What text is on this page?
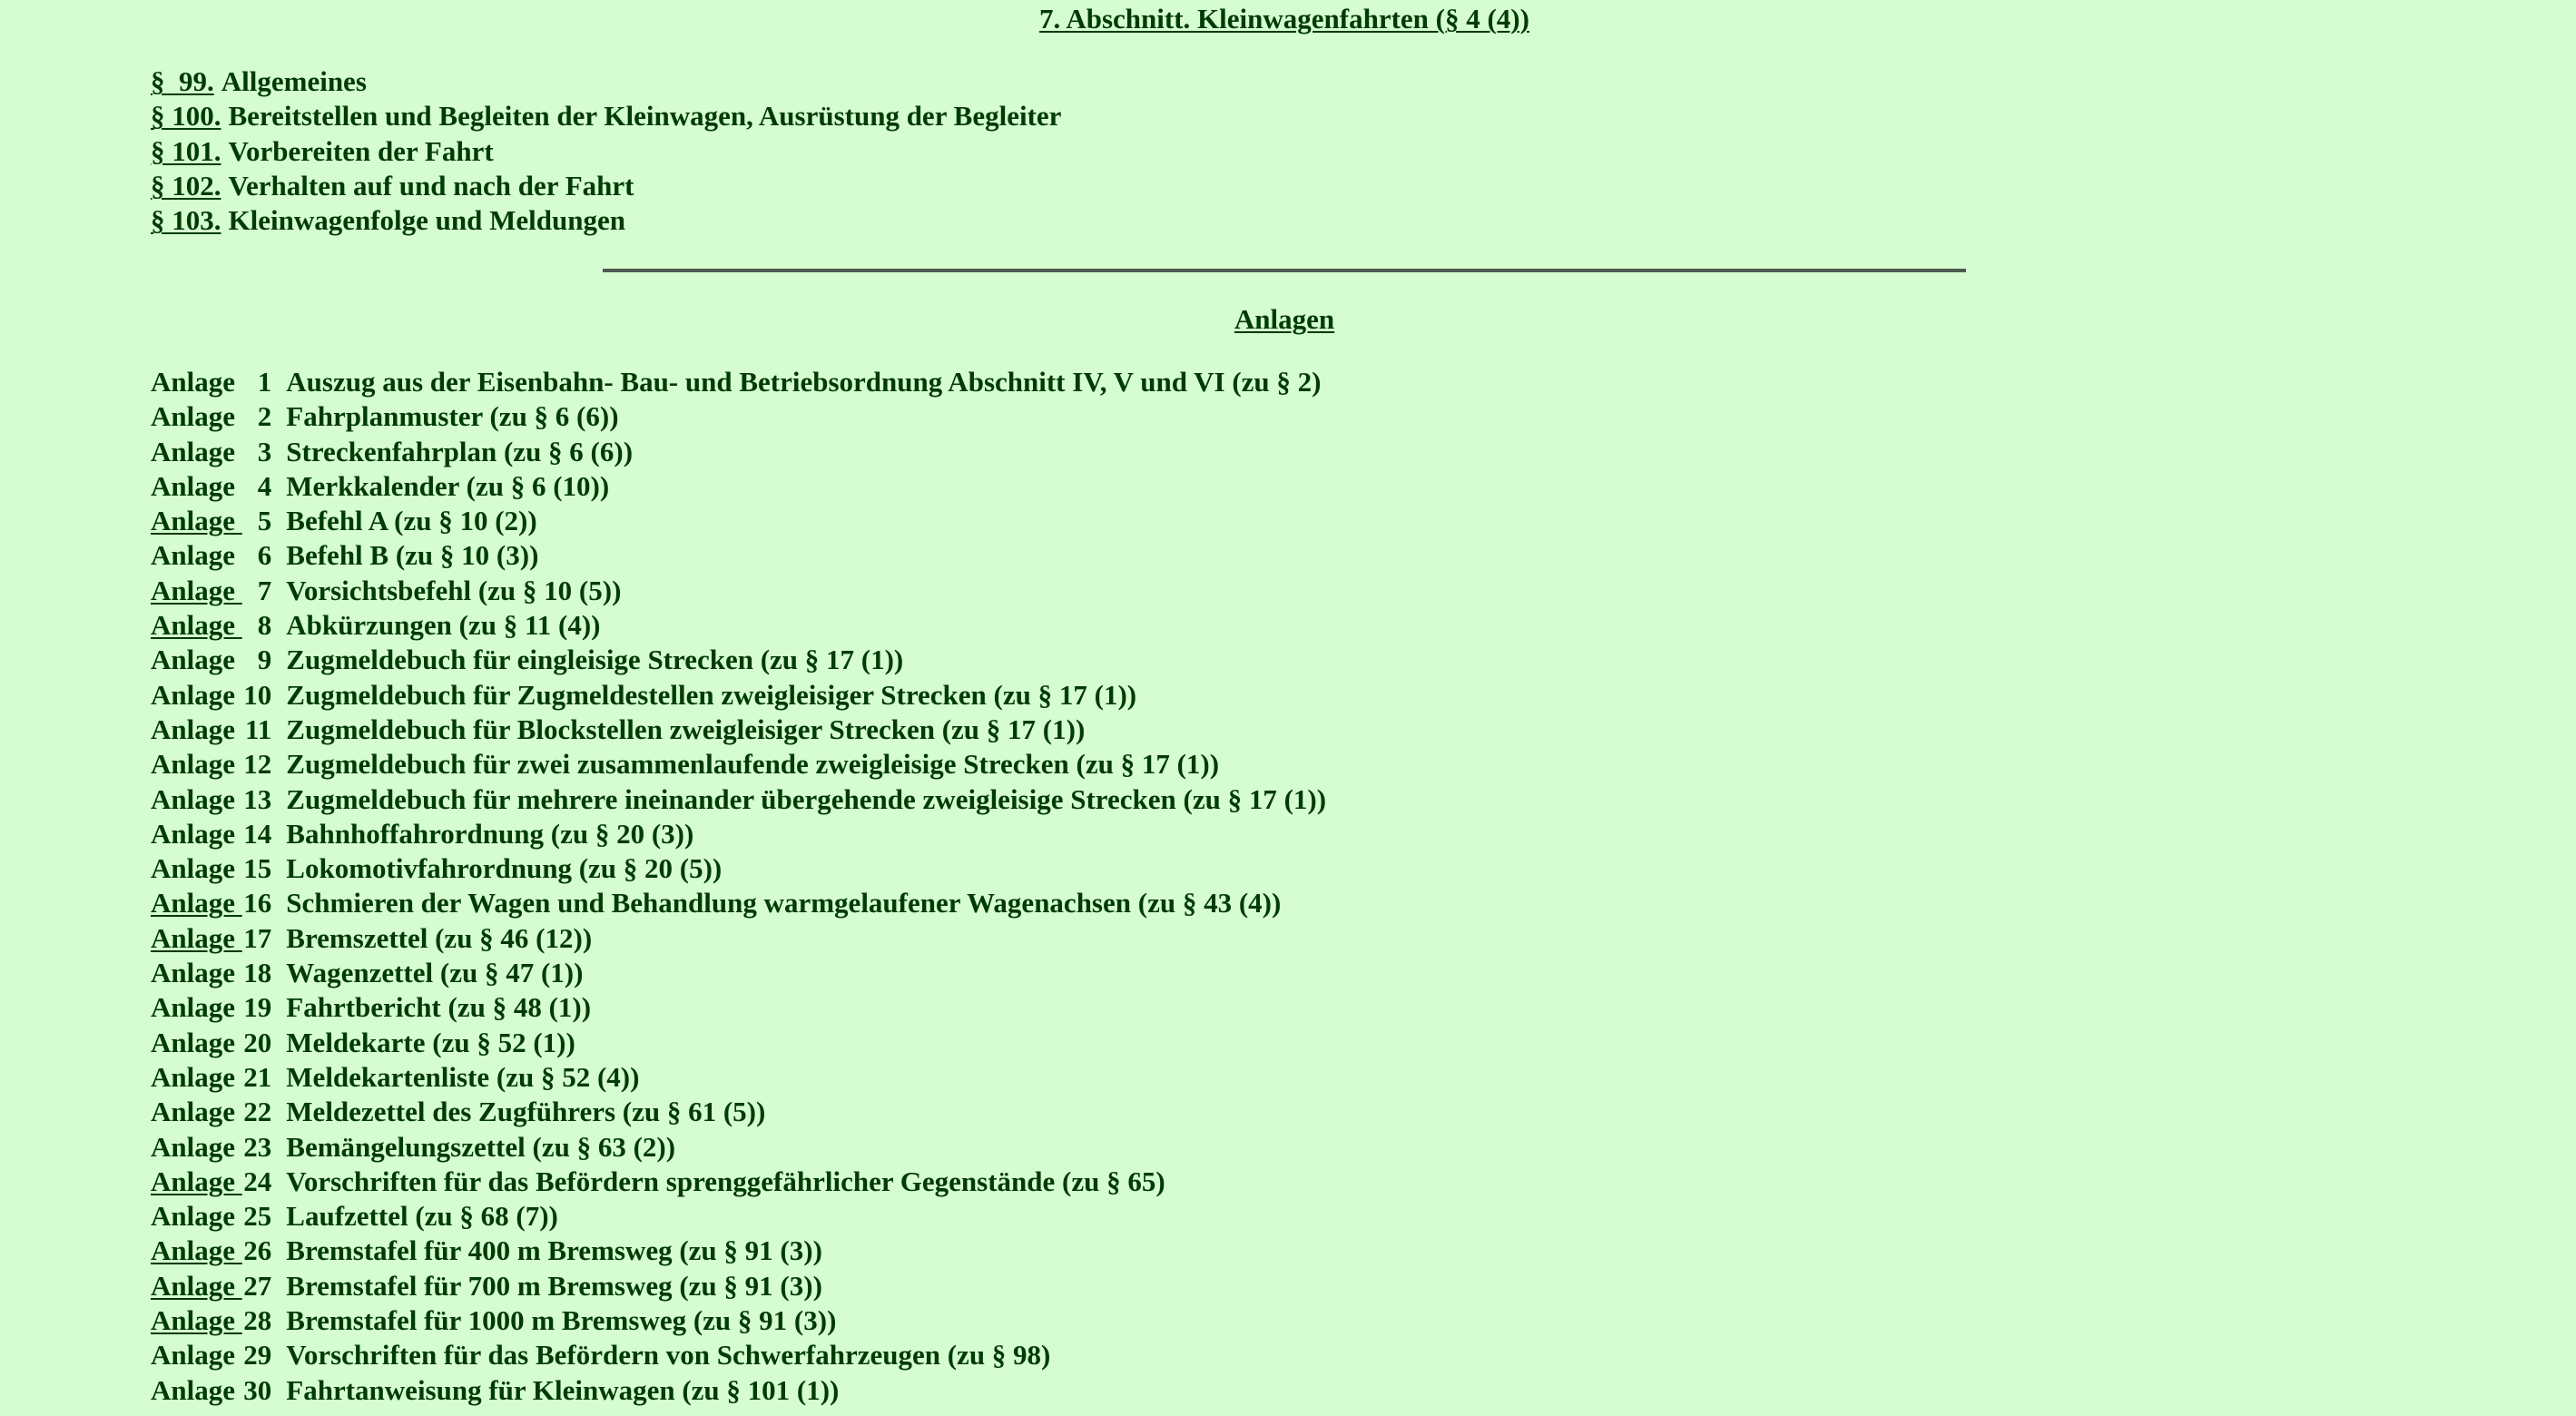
7. Abschnitt. Kleinwagenfahrten (§ 4 (4))
§  99. Allgemeines
§ 100. Bereitstellen und Begleiten der Kleinwagen, Ausrüstung der Begleiter
§ 101. Vorbereiten der Fahrt
§ 102. Verhalten auf und nach der Fahrt
§ 103. Kleinwagenfolge und Meldungen
Anlagen
Anlage 1	Auszug aus der Eisenbahn- Bau- und Betriebsordnung Abschnitt IV, V und VI (zu § 2)
Anlage 2	Fahrplanmuster (zu § 6 (6))
Anlage 3	Streckenfahrplan (zu § 6 (6))
Anlage 4	Merkkalender (zu § 6 (10))
Anlage 5	Befehl A (zu § 10 (2))
Anlage 6	Befehl B (zu § 10 (3))
Anlage 7	Vorsichtsbefehl (zu § 10 (5))
Anlage 8	Abkürzungen (zu § 11 (4))
Anlage 9	Zugmeldebuch für eingleisige Strecken (zu § 17 (1))
Anlage 10	Zugmeldebuch für Zugmeldestellen zweigleisiger Strecken (zu § 17 (1))
Anlage 11	Zugmeldebuch für Blockstellen zweigleisiger Strecken (zu § 17 (1))
Anlage 12	Zugmeldebuch für zwei zusammenlaufende zweigleisige Strecken (zu § 17 (1))
Anlage 13	Zugmeldebuch für mehrere ineinander übergehende zweigleisige Strecken (zu § 17 (1))
Anlage 14	Bahnhoffahrordnung (zu § 20 (3))
Anlage 15	Lokomotivfahrordnung (zu § 20 (5))
Anlage 16	Schmieren der Wagen und Behandlung warmgelaufener Wagenachsen (zu § 43 (4))
Anlage 17	Bremszettel (zu § 46 (12))
Anlage 18	Wagenzettel (zu § 47 (1))
Anlage 19	Fahrtbericht (zu § 48 (1))
Anlage 20	Meldekarte (zu § 52 (1))
Anlage 21	Meldekartenliste (zu § 52 (4))
Anlage 22	Meldezettel des Zugführers (zu § 61 (5))
Anlage 23	Bemängelungszettel (zu § 63 (2))
Anlage 24	Vorschriften für das Befördern sprenggefährlicher Gegenstände (zu § 65)
Anlage 25	Laufzettel (zu § 68 (7))
Anlage 26	Bremstafel für 400 m Bremsweg (zu § 91 (3))
Anlage 27	Bremstafel für 700 m Bremsweg (zu § 91 (3))
Anlage 28	Bremstafel für 1000 m Bremsweg (zu § 91 (3))
Anlage 29	Vorschriften für das Befördern von Schwerfahrzeugen (zu § 98)
Anlage 30	Fahrtanweisung für Kleinwagen (zu § 101 (1))
